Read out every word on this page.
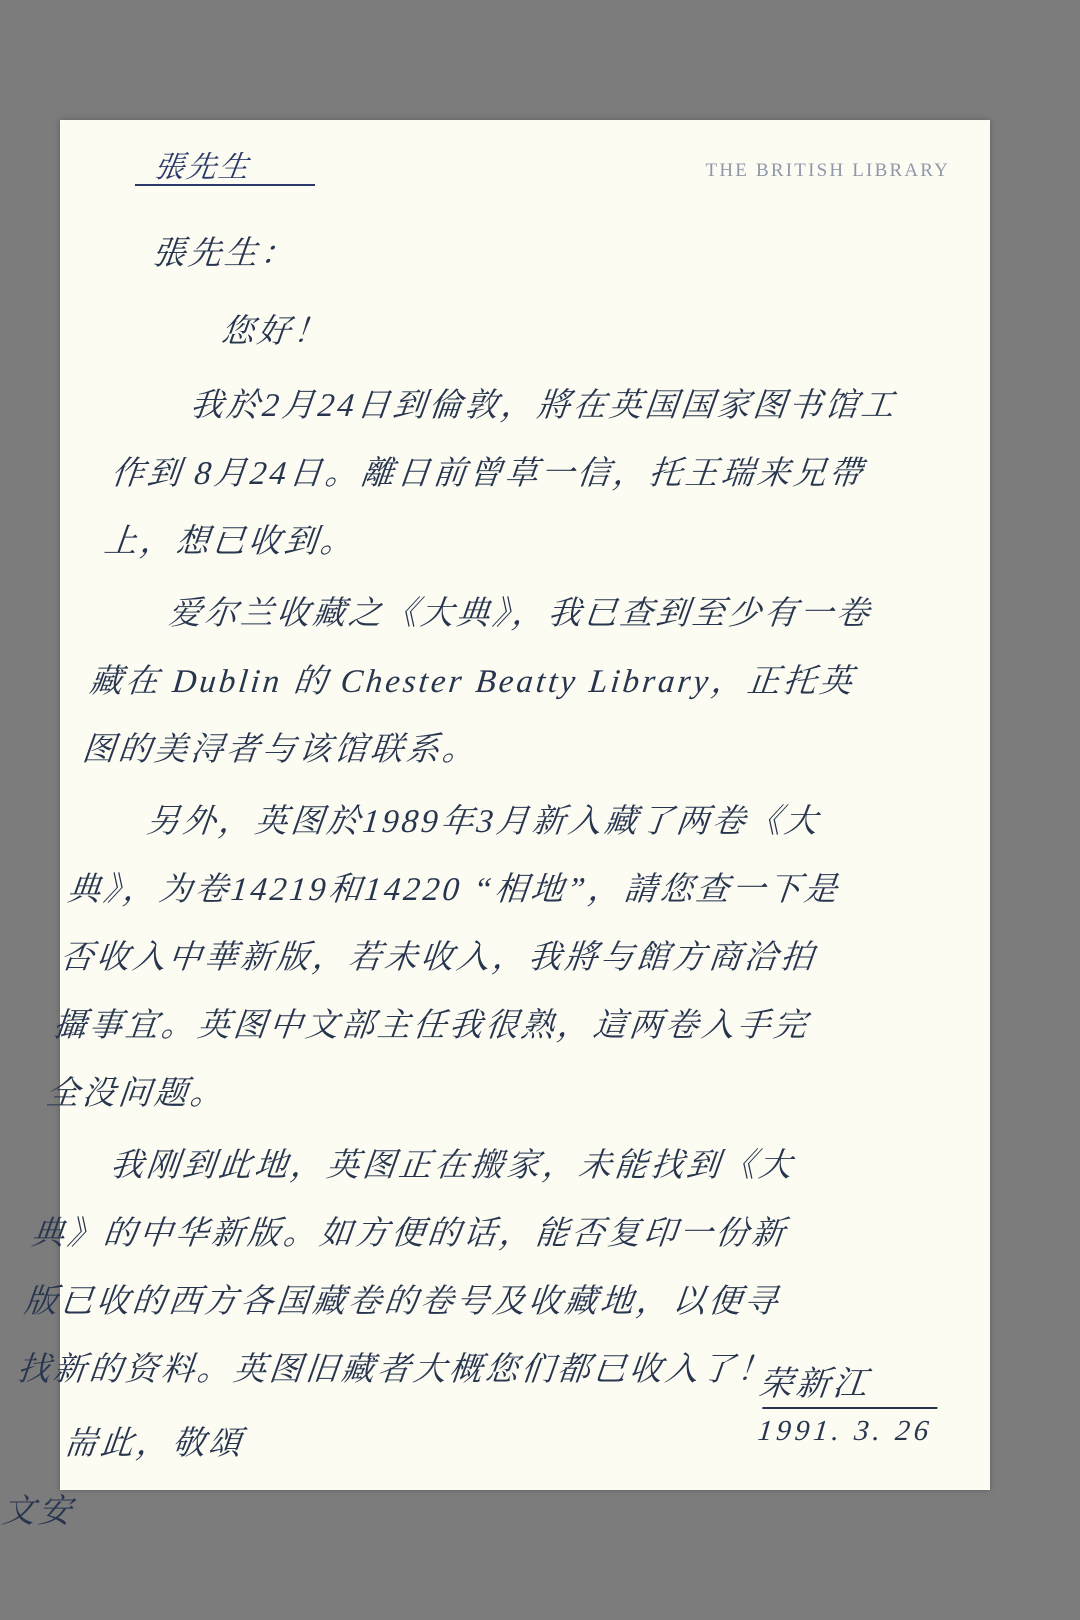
張先生	THE BRITISH LIBRARY
張先生：
您好！
我於2月24日到倫敦，將在英国国家图书馆工作到 8月24日。離日前曾草一信，托王瑞来兄帶上，想已收到。
爱尔兰收藏之《大典》，我已查到至少有一卷藏在 Dublin 的 Chester Beatty Library，正托英图的美浔者与该馆联系。
另外，英图於1989年3月新入藏了两卷《大典》，为卷14219和14220 “相地”，請您查一下是否收入中華新版，若未收入，我將与館方商洽拍攝事宜。英图中文部主任我很熟，這两卷入手完全没问题。
我刚到此地，英图正在搬家，未能找到《大典》的中华新版。如方便的话，能否复印一份新版已收的西方各国藏卷的卷号及收藏地，以便寻找新的资料。英图旧藏者大概您们都已收入了！
耑此，敬頌
文安
荣新江
1991. 3. 26
